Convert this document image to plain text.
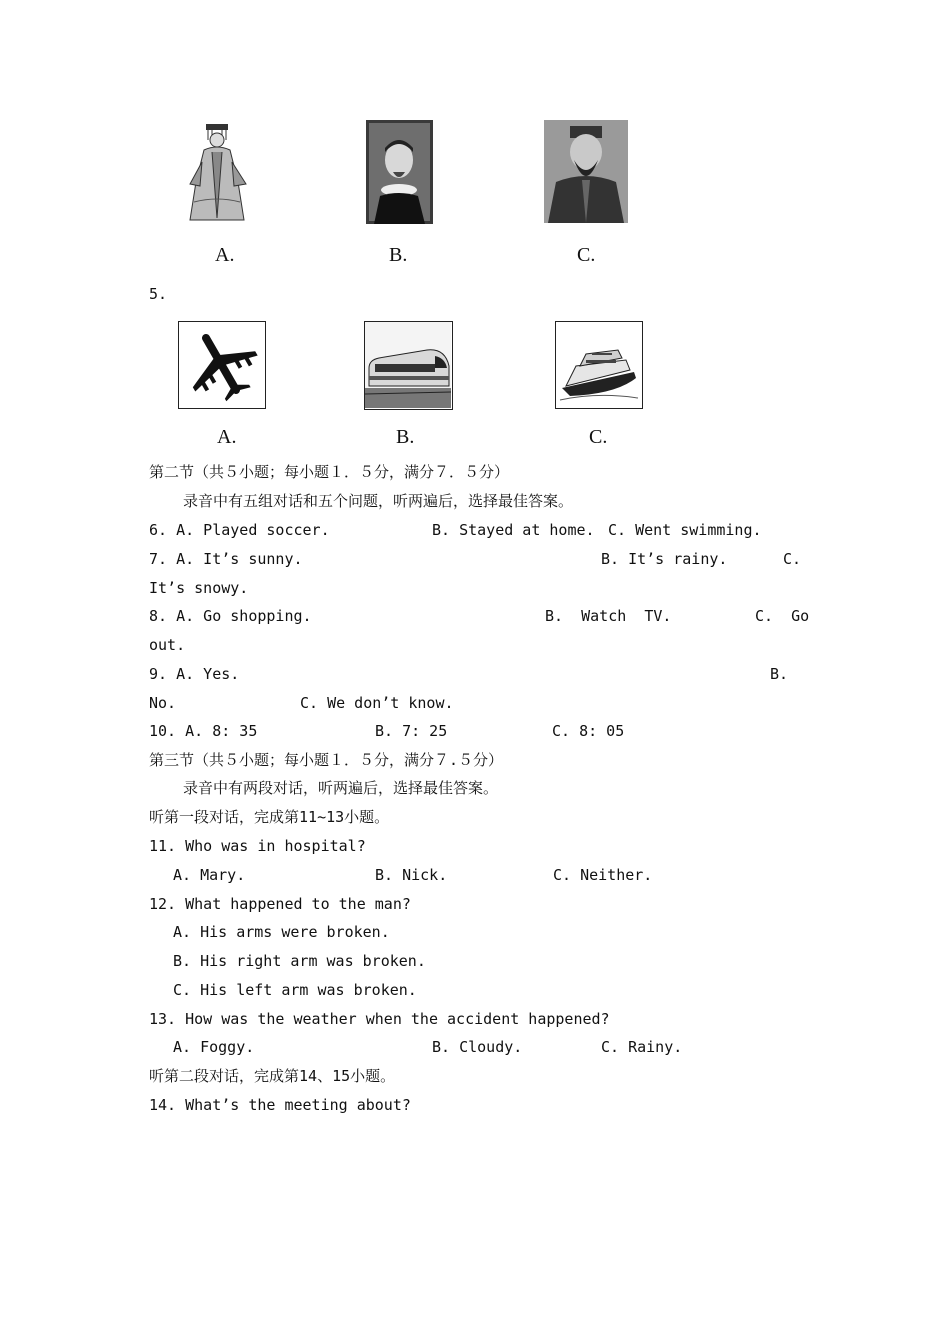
A.	B.	C.
5.
A.	B.	C.
第二节（共５小题；每小题１．５分，满分７．５分）
录音中有五组对话和五个问题，听两遍后，选择最佳答案。
6. A. Played soccer.	B. Stayed at home. C. Went swimming.
7. A. It’s sunny.	B. It’s rainy.	C.
It’s snowy.
8. A. Go shopping.	B.  Watch  TV.	C.  Go
out.
9. A. Yes.	B.
No.	C. We don’t know.
10. A. 8: 35	B. 7: 25	C. 8: 05
第三节（共５小题；每小题１．５分，满分７.５分）
录音中有两段对话，听两遍后，选择最佳答案。
听第一段对话，完成第11~13小题。
11. Who was in hospital?
A. Mary.	B. Nick.	C. Neither.
12. What happened to the man?
A. His arms were broken.
B. His right arm was broken.
C. His left arm was broken.
13. How was the weather when the accident happened?
A. Foggy.	B. Cloudy.	C. Rainy.
听第二段对话，完成第14、15小题。
14. What’s the meeting about?
